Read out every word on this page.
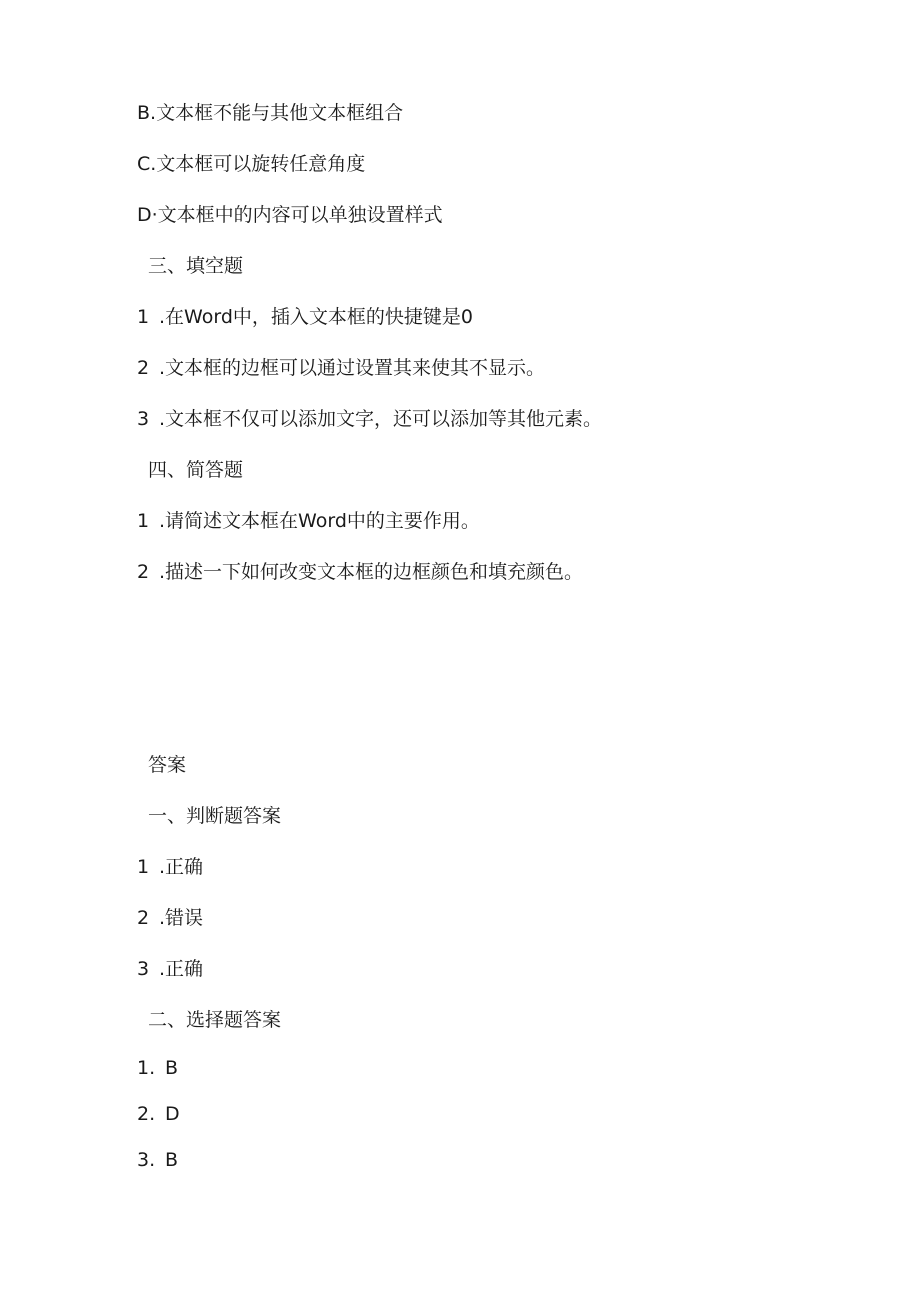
B.文本框不能与其他文本框组合
C.文本框可以旋转任意角度
D·文本框中的内容可以单独设置样式
三、填空题
1 .在Word中，插入文本框的快捷键是0
2 .文本框的边框可以通过设置其来使其不显示。
3 .文本框不仅可以添加文字，还可以添加等其他元素。
四、简答题
1 .请简述文本框在Word中的主要作用。
2 .描述一下如何改变文本框的边框颜色和填充颜色。
答案
一、判断题答案
1 .正确
2 .错误
3 .正确
二、选择题答案
1. B
2. D
3. B
